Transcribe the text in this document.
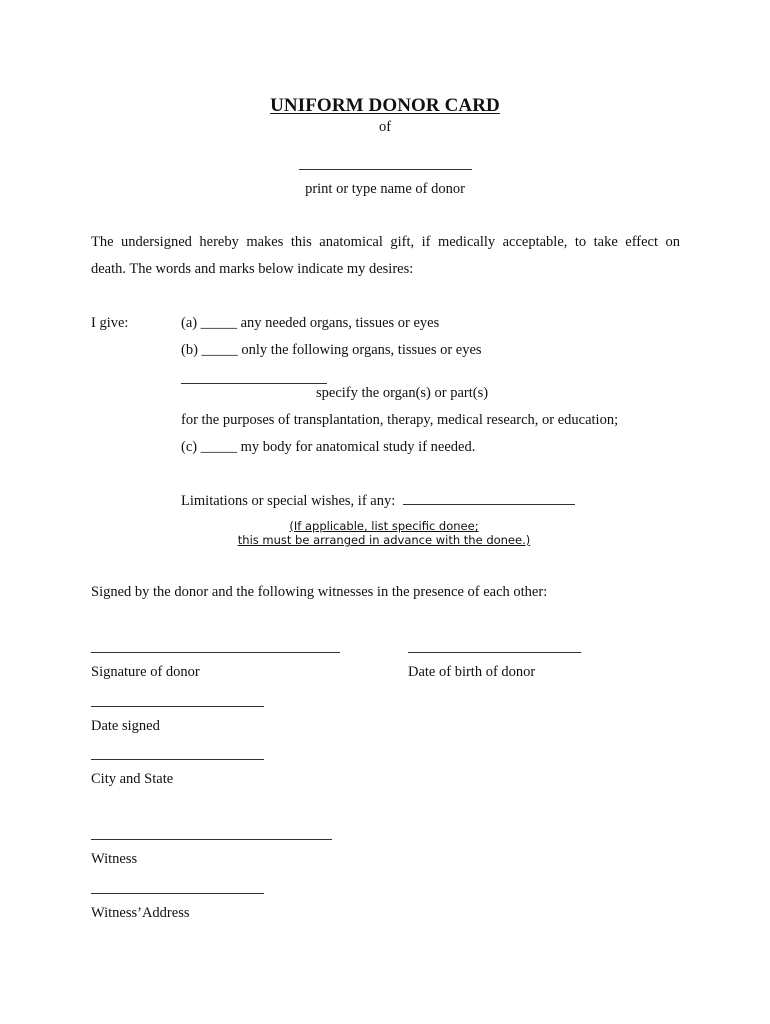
UNIFORM DONOR CARD
of
print or type name of donor
The undersigned hereby makes this anatomical gift, if medically acceptable, to take effect on
death. The words and marks below indicate my desires:
I give:	(a) _____ any needed organs, tissues or eyes
(b) _____ only the following organs, tissues or eyes
specify the organ(s) or part(s)
for the purposes of transplantation, therapy, medical research, or education;
(c) _____ my body for anatomical study if needed.
Limitations or special wishes, if any:
(If applicable, list specific donee;
this must be arranged in advance with the donee.)
Signed by the donor and the following witnesses in the presence of each other:
Signature of donor	Date of birth of donor
Date signed
City and State
Witness
Witness’Address
